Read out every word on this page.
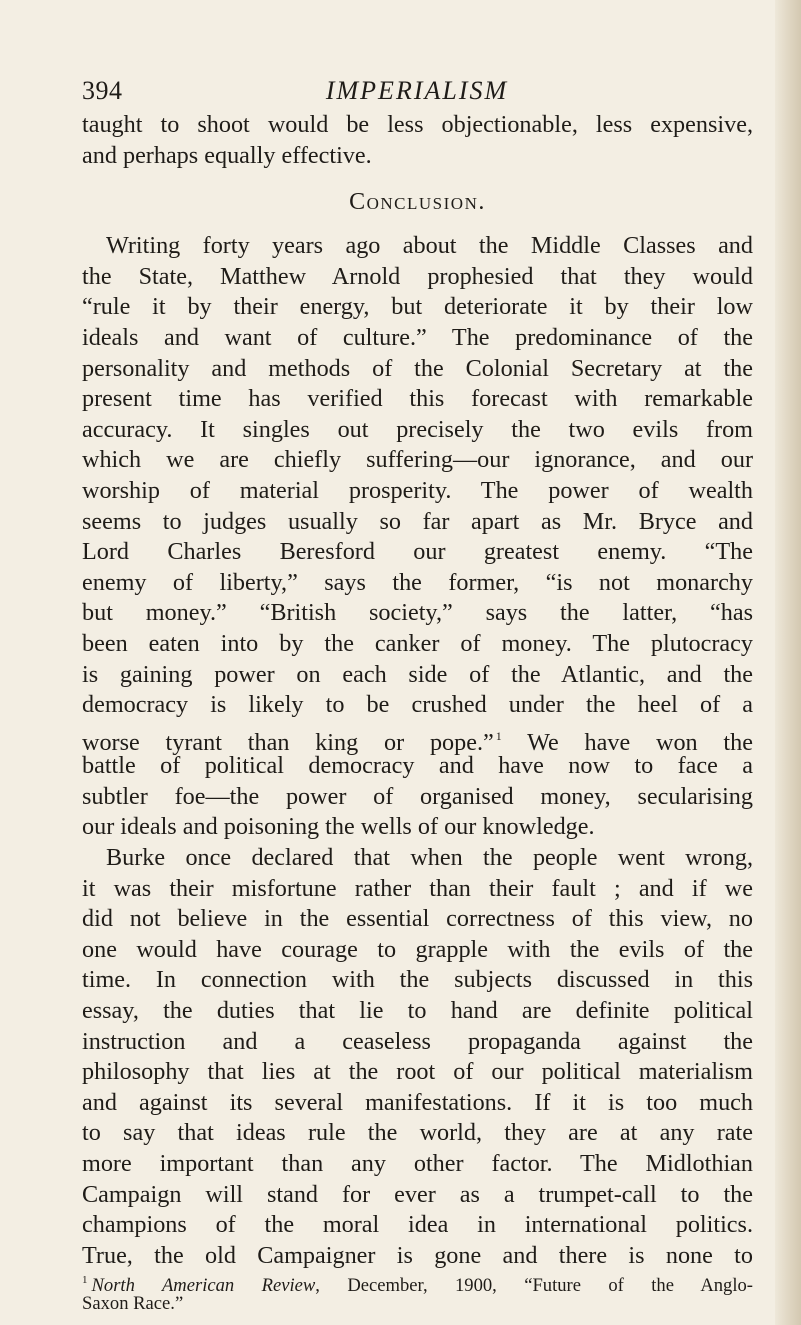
394	IMPERIALISM
taught to shoot would be less objectionable, less expensive,
and perhaps equally effective.
Conclusion.
Writing forty years ago about the Middle Classes and
the State, Matthew Arnold prophesied that they would
“rule it by their energy, but deteriorate it by their low
ideals and want of culture.” The predominance of the
personality and methods of the Colonial Secretary at the
present time has verified this forecast with remarkable
accuracy. It singles out precisely the two evils from
which we are chiefly suffering—our ignorance, and our
worship of material prosperity. The power of wealth
seems to judges usually so far apart as Mr. Bryce and
Lord Charles Beresford our greatest enemy. “The
enemy of liberty,” says the former, “is not monarchy
but money.” “British society,” says the latter, “has
been eaten into by the canker of money. The plutocracy
is gaining power on each side of the Atlantic, and the
democracy is likely to be crushed under the heel of a
worse tyrant than king or pope.” $^1$ We have won the
battle of political democracy and have now to face a
subtler foe—the power of organised money, secularising
our ideals and poisoning the wells of our knowledge.
Burke once declared that when the people went wrong,
it was their misfortune rather than their fault ; and if we
did not believe in the essential correctness of this view, no
one would have courage to grapple with the evils of the
time. In connection with the subjects discussed in this
essay, the duties that lie to hand are definite political
instruction and a ceaseless propaganda against the
philosophy that lies at the root of our political materialism
and against its several manifestations. If it is too much
to say that ideas rule the world, they are at any rate
more important than any other factor. The Midlothian
Campaign will stand for ever as a trumpet-call to the
champions of the moral idea in international politics.
True, the old Campaigner is gone and there is none to
$^1$ North American Review, December, 1900, “Future of the Anglo-
Saxon Race.”
